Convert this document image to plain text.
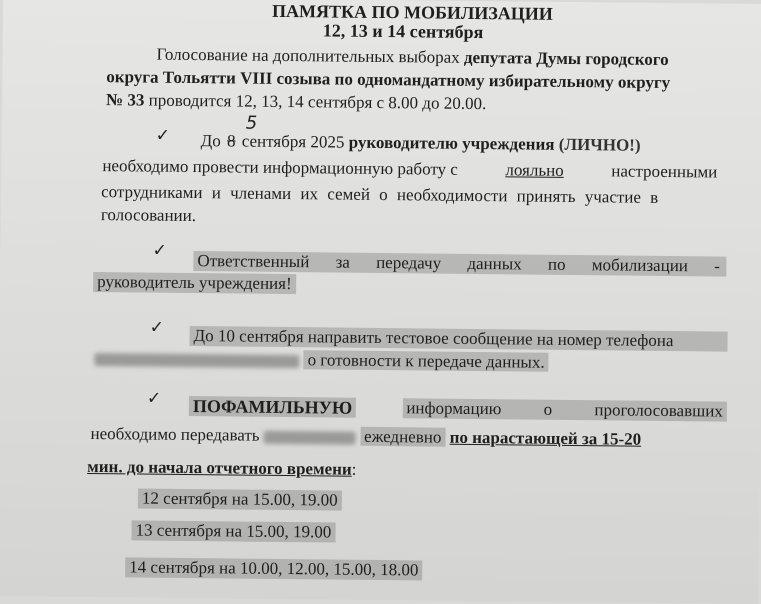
ПАМЯТКА ПО МОБИЛИЗАЦИИ
12, 13 и 14 сентября
Голосование на дополнительных выборах депутата Думы городского
округа Тольятти VIII созыва по одномандатному избирательному округу
№ 33 проводится 12, 13, 14 сентября с 8.00 до 20.00.
✓ До 8 сентября 2025 руководителю учреждения (ЛИЧНО!)
5
необходимо провести информационную работу с	лояльно	настроенными
сотрудниками и членами их семей о необходимости принять участие в
голосовании.
✓
Ответственный за передачу данных по мобилизации -
руководитель учреждения!
✓ До 10 сентября направить тестовое сообщение на номер телефона
о готовности к передаче данных.
✓ ПОФАМИЛЬНУЮ	информацию о проголосовавших
необходимо передавать	ежедневно по нарастающей за 15-20
мин. до начала отчетного времени:
12 сентября на 15.00, 19.00
13 сентября на 15.00, 19.00
14 сентября на 10.00, 12.00, 15.00, 18.00
